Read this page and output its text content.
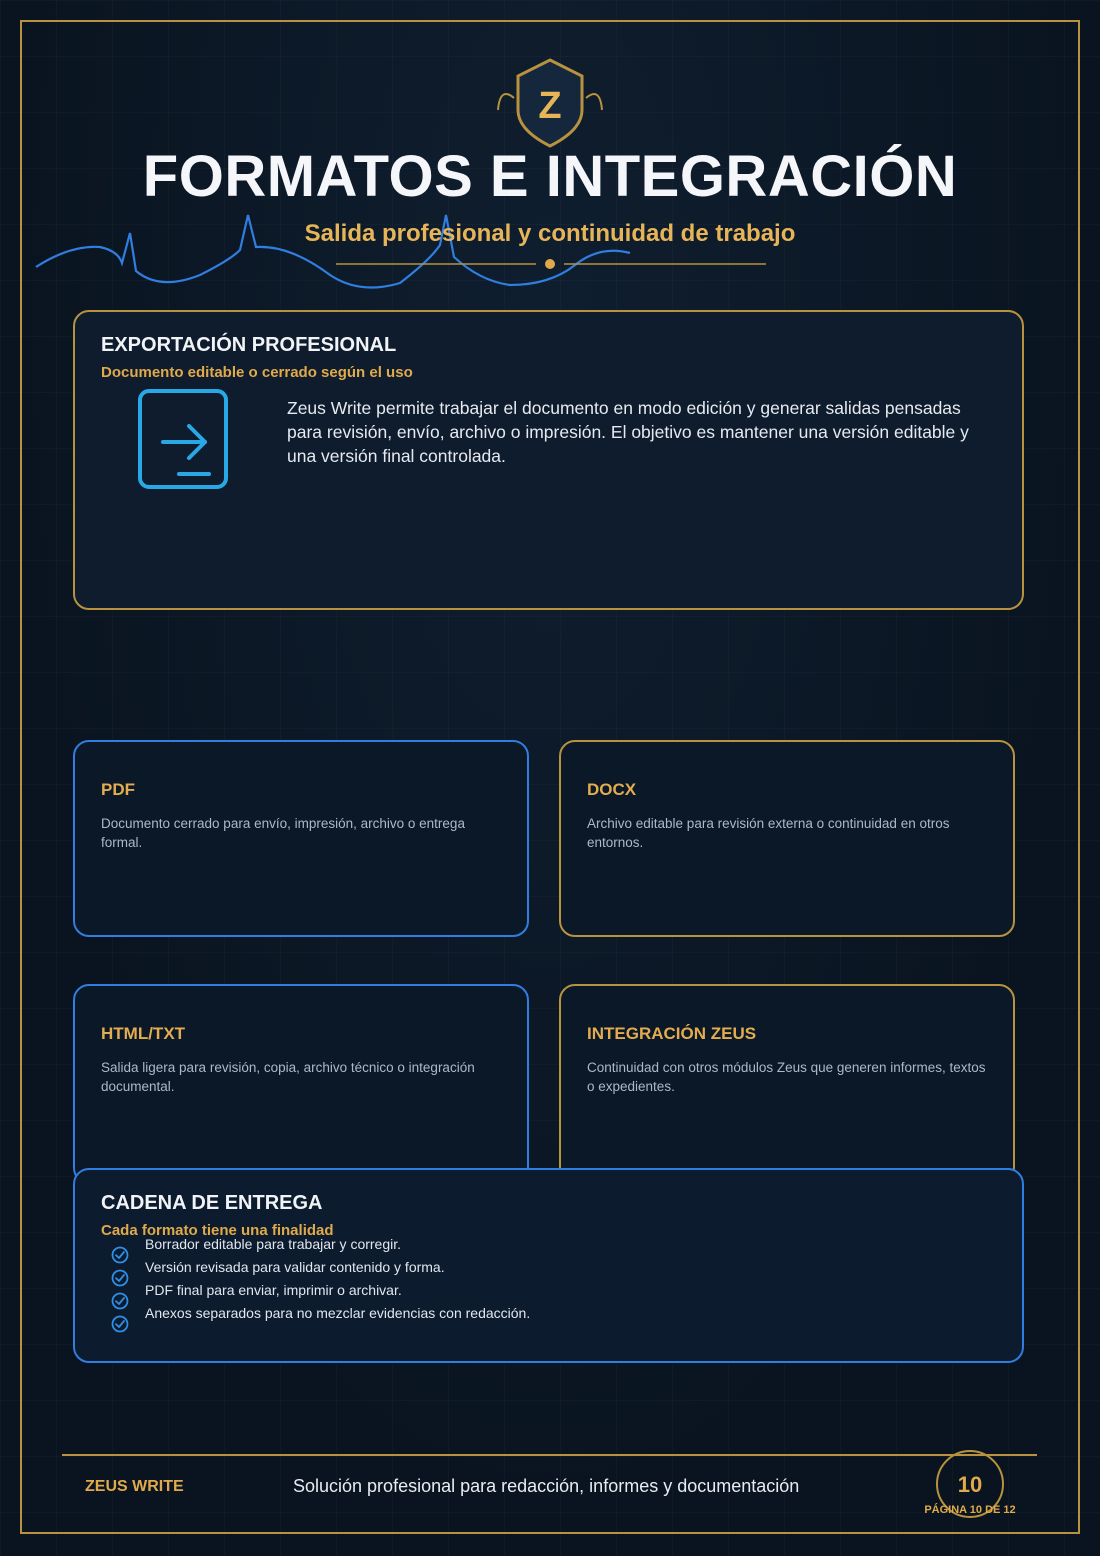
Z
FORMATOS E INTEGRACIÓN
Salida profesional y continuidad de trabajo
EXPORTACIÓN PROFESIONAL
Documento editable o cerrado según el uso
Zeus Write permite trabajar el documento en modo edición y generar salidas pensadas para revisión, envío, archivo o impresión. El objetivo es mantener una versión editable y una versión final controlada.
PDF
Documento cerrado para envío, impresión, archivo o entrega formal.
DOCX
Archivo editable para revisión externa o continuidad en otros entornos.
HTML/TXT
Salida ligera para revisión, copia, archivo técnico o integración documental.
INTEGRACIÓN ZEUS
Continuidad con otros módulos Zeus que generen informes, textos o expedientes.
CADENA DE ENTREGA
Cada formato tiene una finalidad
Borrador editable para trabajar y corregir.
Versión revisada para validar contenido y forma.
PDF final para enviar, imprimir o archivar.
Anexos separados para no mezclar evidencias con redacción.
ZEUS WRITE	Solución profesional para redacción, informes y documentación	10
PÁGINA 10 DE 12
